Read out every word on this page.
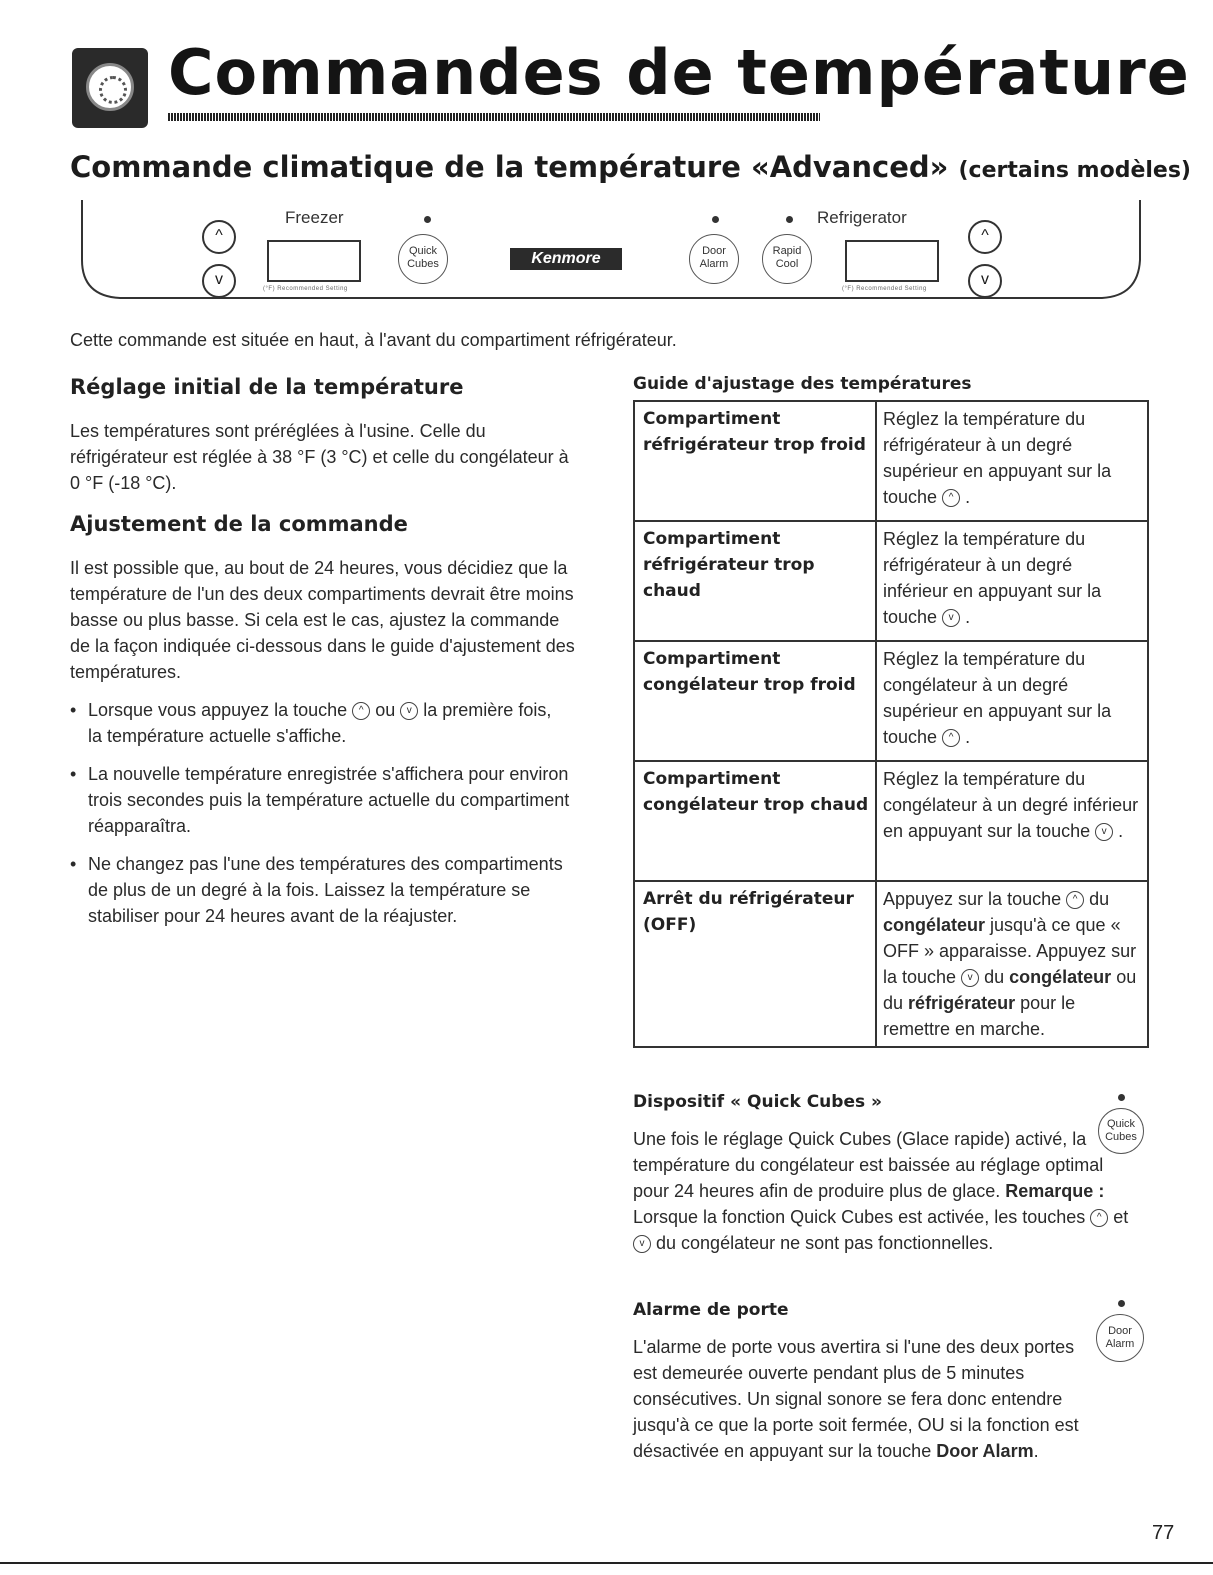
Commandes de température
Commande climatique de la température «Advanced» (certains modèles)
^
v
Freezer
(°F) Recommended Setting
Quick Cubes	Kenmore	Door Alarm
Rapid Cool
Refrigerator
(°F) Recommended Setting
^
v
Cette commande est située en haut, à l'avant du compartiment réfrigérateur.
Réglage initial de la température

Les températures sont préréglées à l'usine. Celle du réfrigérateur est réglée à 38 °F (3 °C) et celle du congélateur à 0 °F (-18 °C).

Ajustement de la commande

Il est possible que, au bout de 24 heures, vous décidiez que la température de l'un des deux compartiments devrait être moins basse ou plus basse. Si cela est le cas, ajustez la commande de la façon indiquée ci-dessous dans le guide d'ajustement des températures.

• Lorsque vous appuyez la touche ^ ou v la première fois, la température actuelle s'affiche.
• La nouvelle température enregistrée s'affichera pour environ trois secondes puis la température actuelle du compartiment réapparaîtra.
• Ne changez pas l'une des températures des compartiments de plus de un degré à la fois. Laissez la température se stabiliser pour 24 heures avant de la réajuster.
Guide d'ajustage des températures
Compartiment réfrigérateur trop froid	Réglez la température du réfrigérateur à un degré supérieur en appuyant sur la touche ^ .
Compartiment réfrigérateur trop chaud	Réglez la température du réfrigérateur à un degré inférieur en appuyant sur la touche v .
Compartiment congélateur trop froid	Réglez la température du congélateur à un degré supérieur en appuyant sur la touche ^ .
Compartiment congélateur trop chaud	Réglez la température du congélateur à un degré inférieur en appuyant sur la touche v .
Arrêt du réfrigérateur (OFF)	Appuyez sur la touche ^ du congélateur jusqu'à ce que « OFF » apparaisse. Appuyez sur la touche v du congélateur ou du réfrigérateur pour le remettre en marche.
Dispositif « Quick Cubes »
Quick Cubes

Une fois le réglage Quick Cubes (Glace rapide) activé, la température du congélateur est baissée au réglage optimal pour 24 heures afin de produire plus de glace. Remarque : Lorsque la fonction Quick Cubes est activée, les touches ^ et v du congélateur ne sont pas fonctionnelles.

Alarme de porte
Door Alarm

L'alarme de porte vous avertira si l'une des deux portes est demeurée ouverte pendant plus de 5 minutes consécutives. Un signal sonore se fera donc entendre jusqu'à ce que la porte soit fermée, OU si la fonction est désactivée en appuyant sur la touche Door Alarm.

77
